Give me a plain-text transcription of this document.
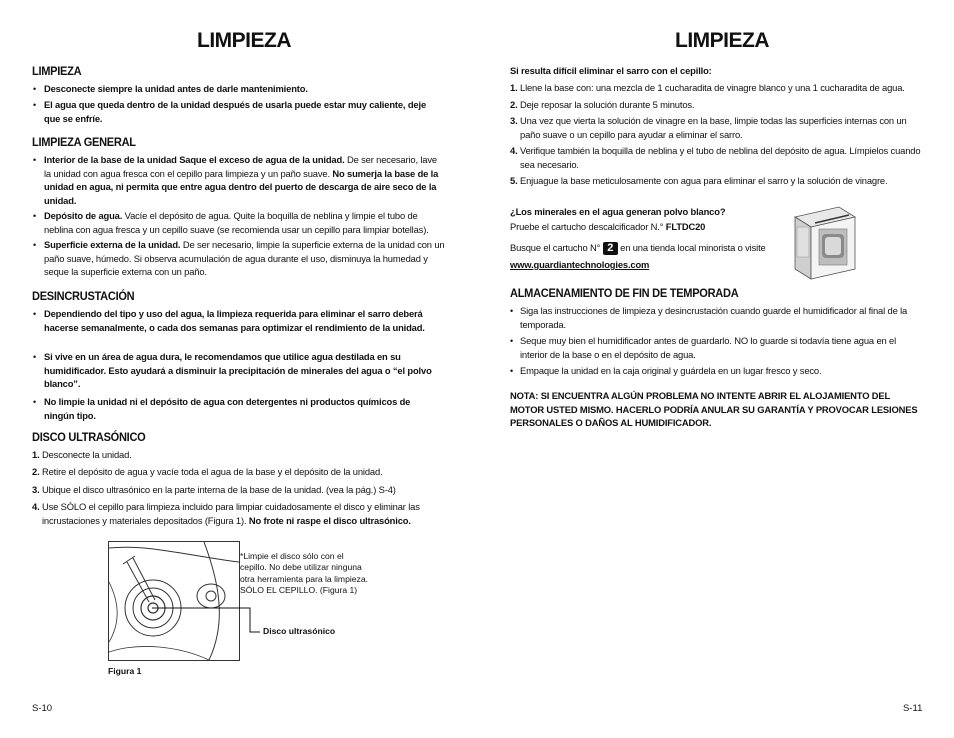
LIMPIEZA
LIMPIEZA
• Desconecte siempre la unidad antes de darle mantenimiento.

• El agua que queda dentro de la unidad después de usarla puede estar muy caliente, deje que se enfríe.

LIMPIEZA GENERAL
• Interior de la base de la unidad Saque el exceso de agua de la unidad. De ser necesario, lave la unidad con agua fresca con el cepillo para limpieza y un paño suave. No sumerja la base de la unidad en agua, ni permita que entre agua dentro del puerto de descarga de aire seco de la unidad.

• Depósito de agua. Vacíe el depósito de agua. Quite la boquilla de neblina y limpie el tubo de neblina con agua fresca y un cepillo suave (se recomienda usar un cepillo para limpiar botellas).

• Superficie externa de la unidad. De ser necesario, limpie la superficie externa de la unidad con un paño suave, húmedo. Si observa acumulación de agua durante el uso, disminuya la humedad y seque la superficie externa con un paño.

DESINCRUSTACIÓN
• Dependiendo del tipo y uso del agua, la limpieza requerida para eliminar el sarro deberá hacerse semanalmente, o cada dos semanas para optimizar el rendimiento de la unidad.

• Si vive en un área de agua dura, le recomendamos que utilice agua destilada en su humidificador. Esto ayudará a disminuir la precipitación de minerales del agua o “el polvo blanco”.

• No limpie la unidad ni el depósito de agua con detergentes ni productos químicos de ningún tipo.

DISCO ULTRASÓNICO

1. Desconecte la unidad.

2. Retire el depósito de agua y vacíe toda el agua de la base y el depósito de la unidad.

3. Ubique el disco ultrasónico en la parte interna de la base de la unidad. (vea la pág.) S-4)

4. Use SÓLO el cepillo para limpieza incluido para limpiar cuidadosamente el disco y eliminar las incrustaciones y materiales depositados (Figura 1). No frote ni raspe el disco ultrasónico.

*Limpie el disco sólo con el cepillo. No debe utilizar ninguna otra herramienta para la limpieza. SÓLO EL CEPILLO. (Figura 1)

Disco ultrasónico
Figura 1
S-10
LIMPIEZA

Si resulta difícil eliminar el sarro con el cepillo:

1. Llene la base con: una mezcla de 1 cucharadita de vinagre blanco y una 1 cucharadita de agua.
2. Deje reposar la solución durante 5 minutos.
3. Una vez que vierta la solución de vinagre en la base, limpie todas las superficies internas con un paño suave o un cepillo para ayudar a eliminar el sarro.
4. Verifique también la boquilla de neblina y el tubo de neblina del depósito de agua. Límpielos cuando sea necesario.
5. Enjuague la base meticulosamente con agua para eliminar el sarro y la solución de vinagre.

¿Los minerales en el agua generan polvo blanco?

Pruebe el cartucho descalcificador N.° FLTDC20

Busque el cartucho N° 2 en una tienda local minorista o visite

www.guardiantechnologies.com

ALMACENAMIENTO DE FIN DE TEMPORADA
• Siga las instrucciones de limpieza y desincrustación cuando guarde el humidificador al final de la temporada.

• Seque muy bien el humidificador antes de guardarlo. NO lo guarde si todavía tiene agua en el interior de la base o en el depósito de agua.

• Empaque la unidad en la caja original y guárdela en un lugar fresco y seco.

NOTA: SI ENCUENTRA ALGÚN PROBLEMA NO INTENTE ABRIR EL ALOJAMIENTO DEL MOTOR USTED MISMO. HACERLO PODRÍA ANULAR SU GARANTÍA Y PROVOCAR LESIONES PERSONALES O DAÑOS AL HUMIDIFICADOR.

S-11
